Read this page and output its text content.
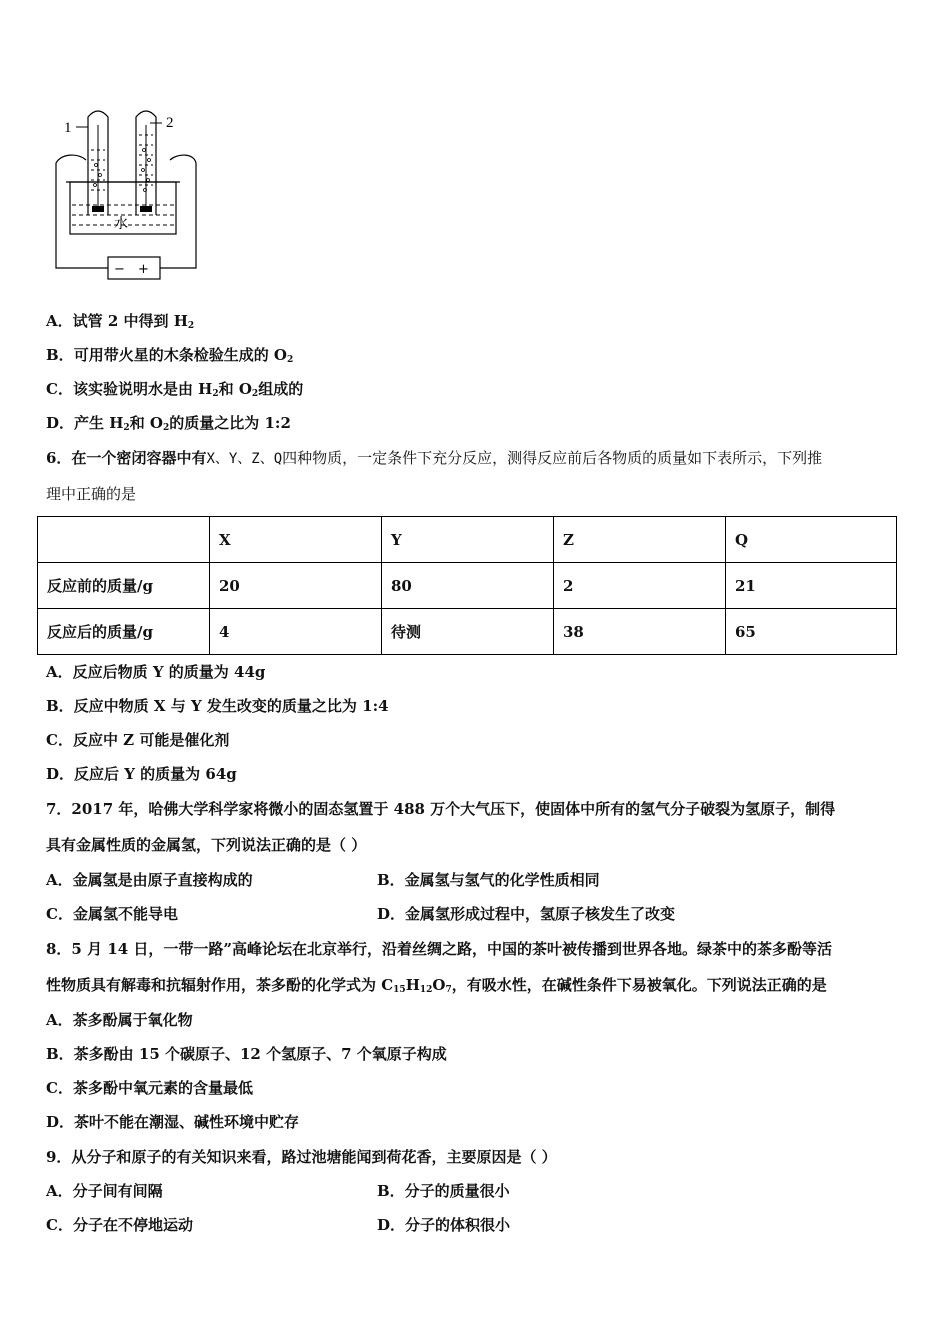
1	2
− +
水
A．试管 2 中得到 $H_2$
B．可用带火星的木条检验生成的 $O_2$
C．该实验说明水是由 $H_2$和 $O_2$组成的
D．产生 $H_2$和 $O_2$的质量之比为 1:2
6．在一个密闭容器中有X、Y、Z、Q四种物质，一定条件下充分反应，测得反应前后各物质的质量如下表所示，下列推
理中正确的是
	X	Y	Z	Q
反应前的质量/g	20	80	2	21
反应后的质量/g	4	待测	38	65
A．反应后物质 Y 的质量为 44g
B．反应中物质 X 与 Y 发生改变的质量之比为 1:4
C．反应中 Z 可能是催化剂
D．反应后 Y 的质量为 64g
7．2017 年，哈佛大学科学家将微小的固态氢置于 488 万个大气压下，使固体中所有的氢气分子破裂为氢原子，制得
具有金属性质的金属氢，下列说法正确的是（ ）
A．金属氢是由原子直接构成的	B．金属氢与氢气的化学性质相同
C．金属氢不能导电	D．金属氢形成过程中，氢原子核发生了改变
8．5 月 14 日，一带一路”高峰论坛在北京举行，沿着丝绸之路，中国的茶叶被传播到世界各地。绿茶中的茶多酚等活
性物质具有解毒和抗辐射作用，茶多酚的化学式为 $C_{15}H_{12}O_7$，有吸水性，在碱性条件下易被氧化。下列说法正确的是
A．茶多酚属于氧化物
B．茶多酚由 15 个碳原子、12 个氢原子、7 个氧原子构成
C．茶多酚中氧元素的含量最低
D．茶叶不能在潮湿、碱性环境中贮存
9．从分子和原子的有关知识来看，路过池塘能闻到荷花香，主要原因是（ ）
A．分子间有间隔	B．分子的质量很小
C．分子在不停地运动	D．分子的体积很小
